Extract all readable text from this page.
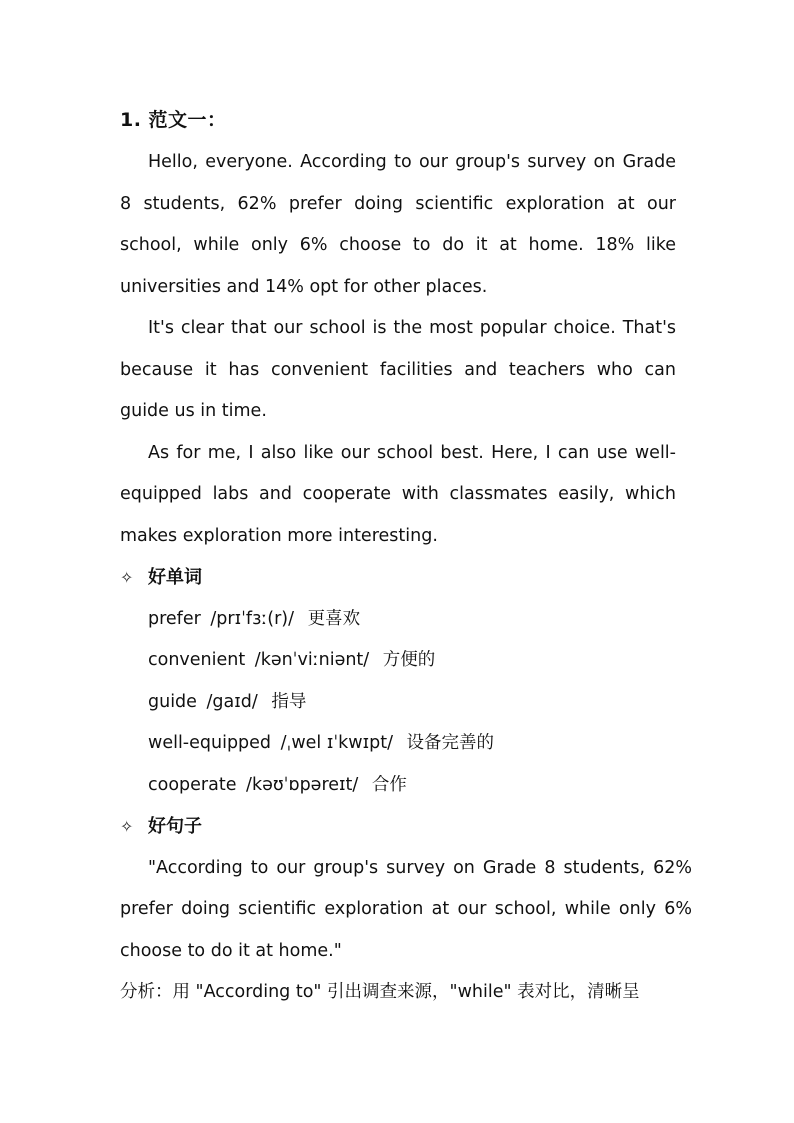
1. 范文一：

Hello, everyone. According to our group's survey on Grade 8 students, 62% prefer doing scientific exploration at our school, while only 6% choose to do it at home. 18% like universities and 14% opt for other places.

It's clear that our school is the most popular choice. That's because it has convenient facilities and teachers who can guide us in time.

As for me, I also like our school best. Here, I can use well-equipped labs and cooperate with classmates easily, which makes exploration more interesting.

✧ 好单词
prefer /prɪˈfɜː(r)/ 更喜欢
convenient /kənˈviːniənt/ 方便的
guide /gaɪd/ 指导
well-equipped /ˌwel ɪˈkwɪpt/ 设备完善的
cooperate /kəʊˈɒpəreɪt/ 合作
✧ 好句子

"According to our group's survey on Grade 8 students, 62% prefer doing scientific exploration at our school, while only 6% choose to do it at home."

分析：用 "According to" 引出调查来源，"while" 表对比，清晰呈
